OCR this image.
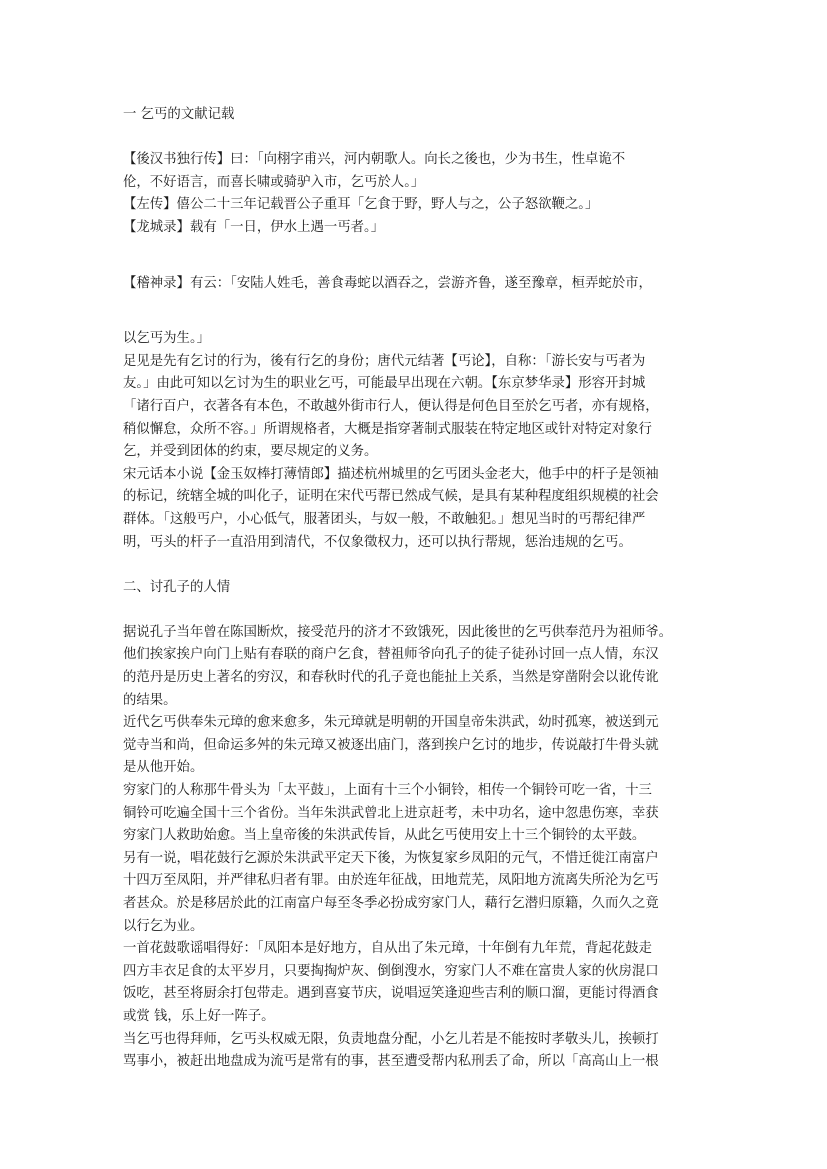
一 乞丐的文献记载
【後汉书独行传】曰：「向栩字甫兴，河内朝歌人。向长之後也，少为书生，性卓诡不
伦，不好语言，而喜长啸或骑驴入市，乞丐於人。」
【左传】僖公二十三年记载晋公子重耳「乞食于野，野人与之，公子怒欲鞭之。」
【龙城录】载有「一日，伊水上遇一丐者。」
【稽神录】有云：「安陆人姓毛，善食毒蛇以酒吞之，尝游齐鲁，遂至豫章，桓弄蛇於市，
以乞丐为生。」
足见是先有乞讨的行为，後有行乞的身份；唐代元结著【丐论】，自称：「游长安与丐者为
友。」由此可知以乞讨为生的职业乞丐，可能最早出现在六朝。【东京梦华录】形容开封城
「诸行百户，衣著各有本色，不敢越外街市行人，便认得是何色目至於乞丐者，亦有规格，
稍似懈怠，众所不容。」所谓规格者，大概是指穿著制式服装在特定地区或针对特定对象行
乞，并受到团体的约束，要尽规定的义务。
宋元话本小说【金玉奴棒打薄情郎】描述杭州城里的乞丐团头金老大，他手中的杆子是领袖
的标记，统辖全城的叫化子，证明在宋代丐帮已然成气候，是具有某种程度组织规模的社会
群体。「这般丐户，小心低气，服著团头，与奴一般，不敢触犯。」想见当时的丐帮纪律严
明，丐头的杆子一直沿用到清代，不仅象徵权力，还可以执行帮规，惩治违规的乞丐。
二、讨孔子的人情
据说孔子当年曾在陈国断炊，接受范丹的济才不致饿死，因此後世的乞丐供奉范丹为祖师爷。
他们挨家挨户向门上贴有春联的商户乞食，替祖师爷向孔子的徒子徒孙讨回一点人情，东汉
的范丹是历史上著名的穷汉，和春秋时代的孔子竟也能扯上关系，当然是穿凿附会以讹传讹
的结果。
近代乞丐供奉朱元璋的愈来愈多，朱元璋就是明朝的开国皇帝朱洪武，幼时孤寒，被送到元
觉寺当和尚，但命运多舛的朱元璋又被逐出庙门，落到挨户乞讨的地步，传说敲打牛骨头就
是从他开始。
穷家门的人称那牛骨头为「太平鼓」，上面有十三个小铜铃，相传一个铜铃可吃一省，十三
铜铃可吃遍全国十三个省份。当年朱洪武曾北上进京赶考，未中功名，途中忽患伤寒，幸获
穷家门人救助始愈。当上皇帝後的朱洪武传旨，从此乞丐使用安上十三个铜铃的太平鼓。
另有一说，唱花鼓行乞源於朱洪武平定天下後，为恢复家乡凤阳的元气，不惜迁徙江南富户
十四万至凤阳，并严律私归者有罪。由於连年征战，田地荒芜，凤阳地方流离失所沦为乞丐
者甚众。於是移居於此的江南富户每至冬季必扮成穷家门人，藉行乞潜归原籍，久而久之竟
以行乞为业。
一首花鼓歌谣唱得好：「凤阳本是好地方，自从出了朱元璋，十年倒有九年荒，背起花鼓走
四方丰衣足食的太平岁月，只要掏掏炉灰、倒倒溲水，穷家门人不难在富贵人家的伙房混口
饭吃，甚至将厨余打包带走。遇到喜宴节庆，说唱逗笑逢迎些吉利的顺口溜，更能讨得酒食
或赏 钱，乐上好一阵子。
当乞丐也得拜师，乞丐头权威无限，负责地盘分配，小乞儿若是不能按时孝敬头儿，挨顿打
骂事小，被赶出地盘成为流丐是常有的事，甚至遭受帮内私刑丢了命，所以「高高山上一根
